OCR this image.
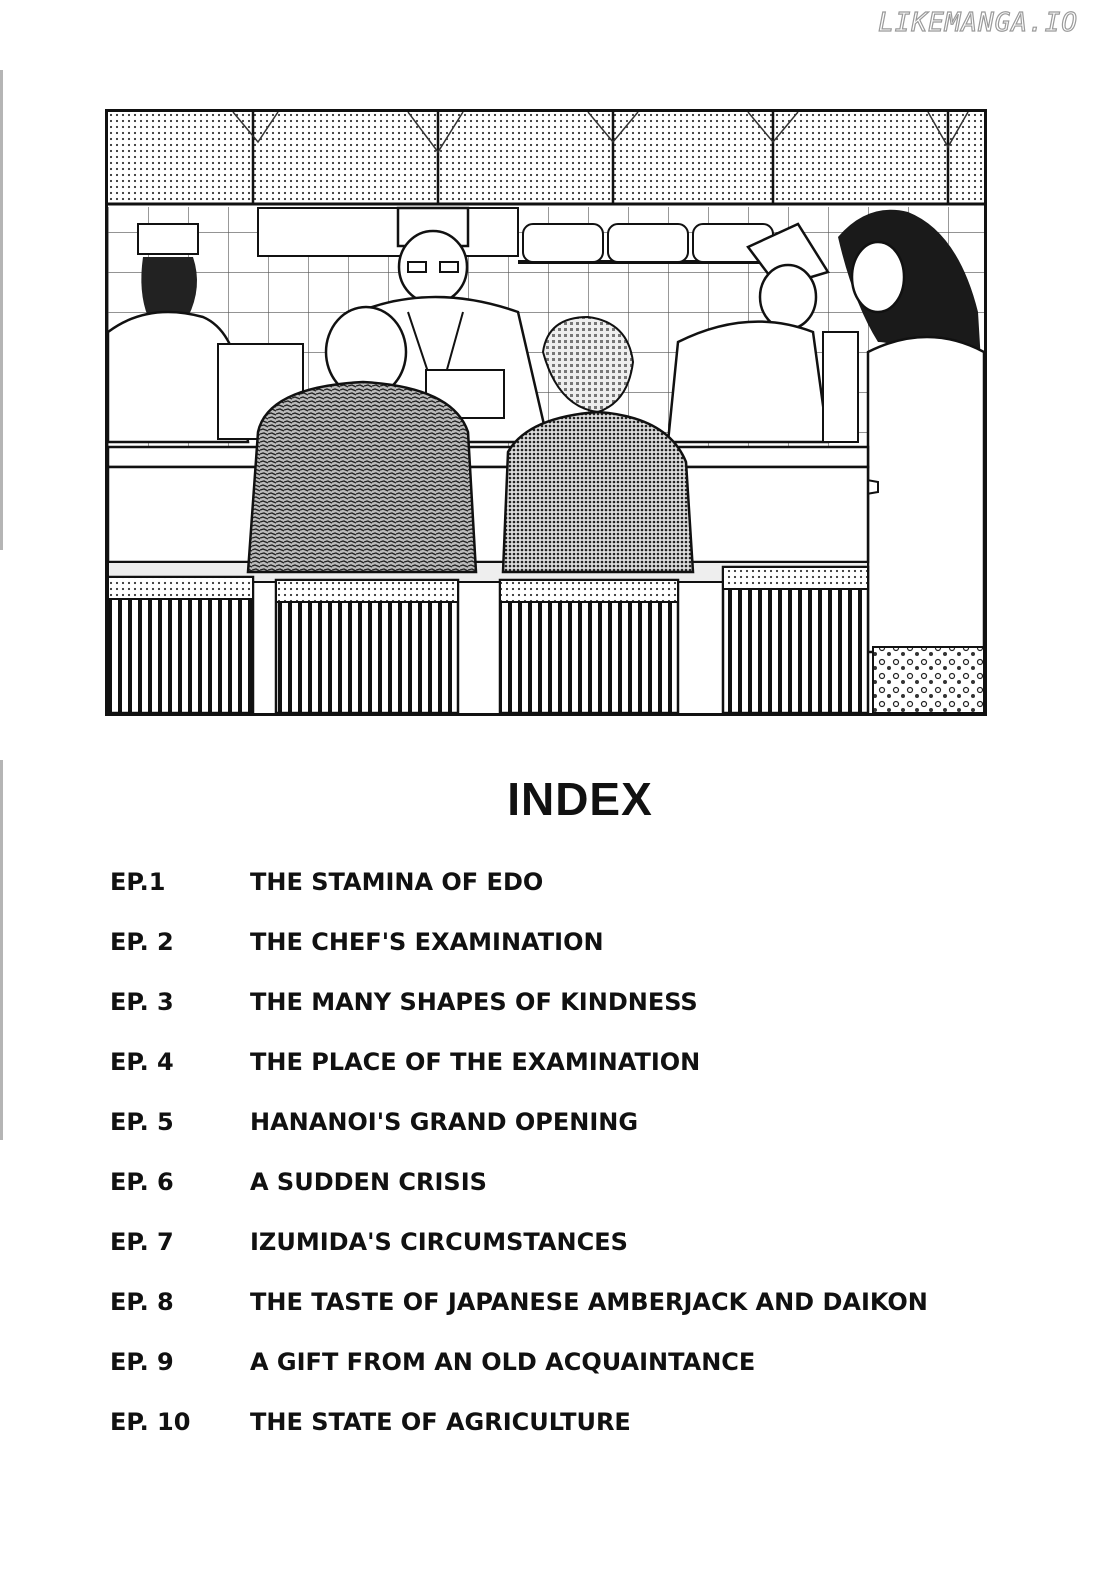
LIKEMANGA.IO
INDEX
EP.1	THE STAMINA OF EDO
EP. 2	THE CHEF'S EXAMINATION
EP. 3	THE MANY SHAPES OF KINDNESS
EP. 4	THE PLACE OF THE EXAMINATION
EP. 5	HANANOI'S GRAND OPENING
EP. 6	A SUDDEN CRISIS
EP. 7	IZUMIDA'S CIRCUMSTANCES
EP. 8	THE TASTE OF JAPANESE AMBERJACK AND DAIKON
EP. 9	A GIFT FROM AN OLD ACQUAINTANCE
EP. 10 THE STATE OF AGRICULTURE
